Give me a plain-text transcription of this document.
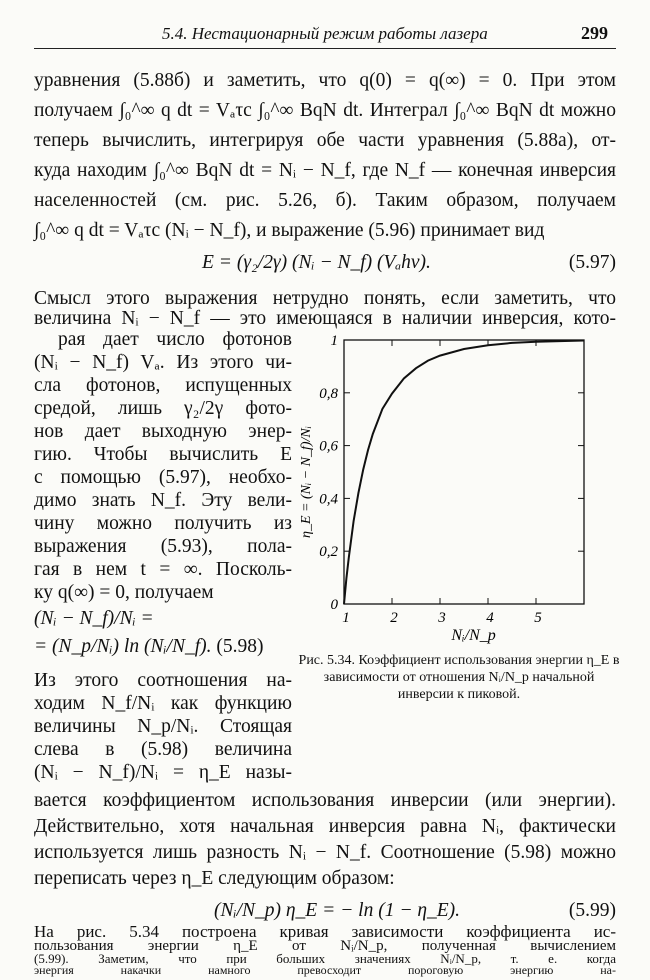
5.4. Нестационарный режим работы лазера	299
уравнения (5.88б) и заметить, что q(0) = q(∞) = 0. При этом
получаем ∫₀^∞ q dt = Vₐτc ∫₀^∞ BqN dt. Интеграл ∫₀^∞ BqN dt можно
теперь вычислить, интегрируя обе части уравнения (5.88а), от-
куда находим ∫₀^∞ BqN dt = Nᵢ − N_f, где N_f — конечная инверсия
населенностей (см. рис. 5.26, б). Таким образом, получаем
∫₀^∞ q dt = Vₐτc (Nᵢ − N_f), и выражение (5.96) принимает вид
E = (γ₂/2γ) (Nᵢ − N_f) (Vₐhν).	(5.97)
Смысл этого выражения нетрудно понять, если заметить, что
величина Nᵢ − N_f — это имеющаяся в наличии инверсия, кото-
рая дает число фотонов
(Nᵢ − N_f) Vₐ. Из этого чи-
сла фотонов, испущенных
средой, лишь γ₂/2γ фото-
нов дает выходную энер-
гию. Чтобы вычислить E
с помощью (5.97), необхо-
димо знать N_f. Эту вели-
чину можно получить из
выражения (5.93), пола-
гая в нем t = ∞. Посколь-
ку q(∞) = 0, получаем
(Nᵢ − N_f)/Nᵢ =
= (N_p/Nᵢ) ln (Nᵢ/N_f). (5.98)
Из этого соотношения на-
ходим N_f/Nᵢ как функцию
величины N_p/Nᵢ. Стоящая
слева в (5.98) величина
(Nᵢ − N_f)/Nᵢ = η_E назы-
1	2	3	4	5
0
0,2
0,4
0,6
0,8
1
Nᵢ/N_p
η_E = (Nᵢ − N_f)/Nᵢ
Рис. 5.34. Коэффициент использования энергии η_E в зависимости от отношения Nᵢ/N_p начальной инверсии к пиковой.
вается коэффициентом использования инверсии (или энергии).
Действительно, хотя начальная инверсия равна Nᵢ, фактически
используется лишь разность Nᵢ − N_f. Соотношение (5.98) можно
переписать через η_E следующим образом:
(Nᵢ/N_p) η_E = − ln (1 − η_E).	(5.99)
На рис. 5.34 построена кривая зависимости коэффициента ис-
пользования энергии η_E от Nᵢ/N_p, полученная вычислением
(5.99). Заметим, что при больших значениях Nᵢ/N_p, т. е. когда
энергия накачки намного превосходит пороговую энергию на-
